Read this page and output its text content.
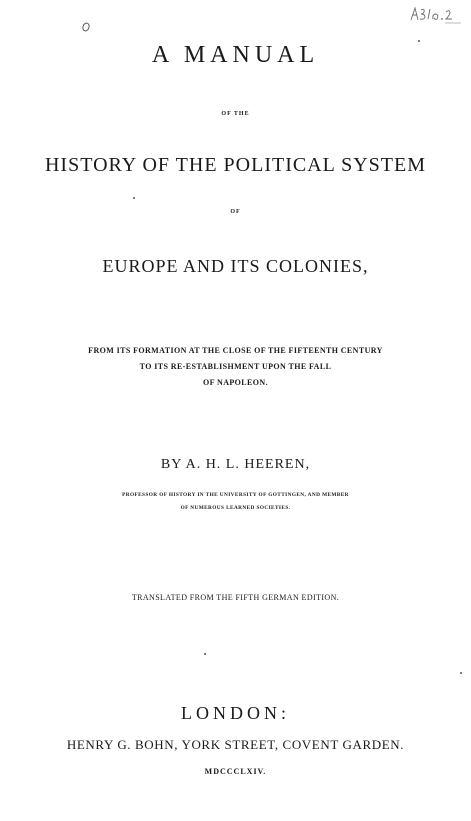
A MANUAL
OF THE
HISTORY OF THE POLITICAL SYSTEM
OF
EUROPE AND ITS COLONIES,
FROM ITS FORMATION AT THE CLOSE OF THE FIFTEENTH CENTURY
TO ITS RE-ESTABLISHMENT UPON THE FALL
OF NAPOLEON.
BY A. H. L. HEEREN,
PROFESSOR OF HISTORY IN THE UNIVERSITY OF GOTTINGEN, AND MEMBER
OF NUMEROUS LEARNED SOCIETIES.
TRANSLATED FROM THE FIFTH GERMAN EDITION.
LONDON:
HENRY G. BOHN, YORK STREET, COVENT GARDEN.
MDCCCLXIV.
